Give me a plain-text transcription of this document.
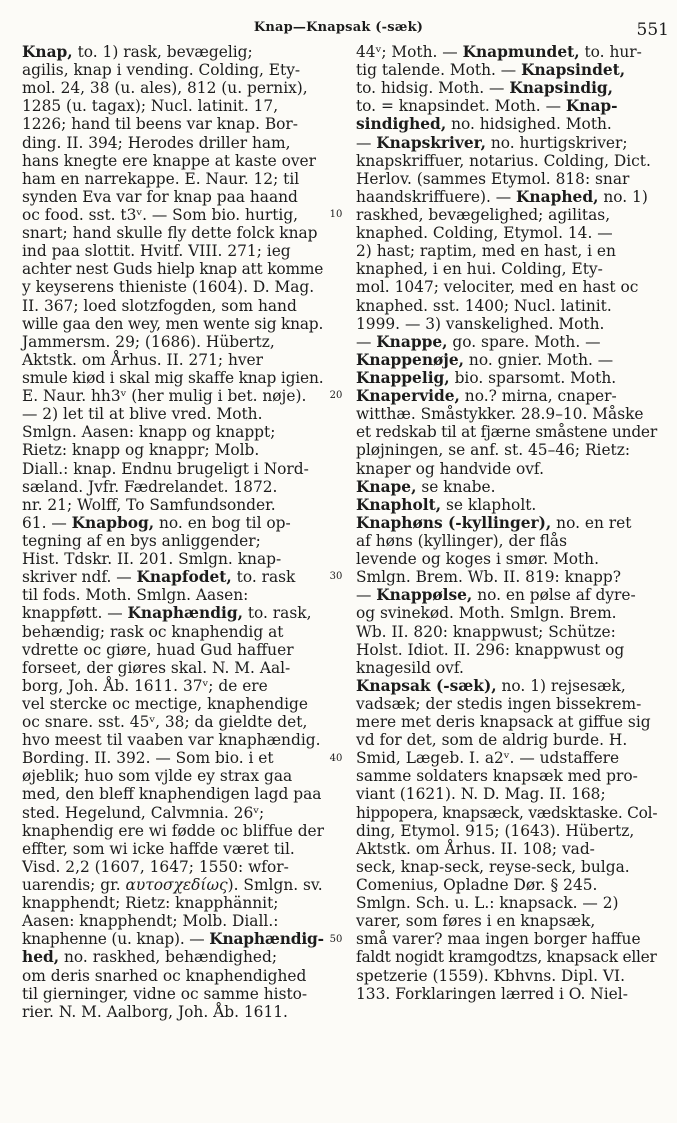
Knap—Knapsak (-sæk)	551
Knap, to. 1) rask, bevægelig;
agilis, knap i vending. Colding, Ety-
mol. 24, 38 (u. ales), 812 (u. pernix),
1285 (u. tagax); Nucl. latinit. 17,
1226; hand til beens var knap. Bor-
ding. II. 394; Herodes driller ham,
hans knegte ere knappe at kaste over
ham en narrekappe. E. Naur. 12; til
synden Eva var for knap paa haand
oc food. sst. t3ᵛ. — Som bio. hurtig,
snart; hand skulle fly dette folck knap
ind paa slottit. Hvitf. VIII. 271; ieg
achter nest Guds hielp knap att komme
y keyserens thieniste (1604). D. Mag.
II. 367; loed slotzfogden, som hand
wille gaa den wey, men wente sig knap.
Jammersm. 29; (1686). Hübertz,
Aktstk. om Århus. II. 271; hver
smule kiød i skal mig skaffe knap igien.
E. Naur. hh3ᵛ (her mulig i bet. nøje).
— 2) let til at blive vred. Moth.
Smlgn. Aasen: knapp og knappt;
Rietz: knapp og knappr; Molb.
Diall.: knap. Endnu brugeligt i Nord-
sæland. Jvfr. Fædrelandet. 1872.
nr. 21; Wolff, To Samfundsonder.
61. — Knapbog, no. en bog til op-
tegning af en bys anliggender;
Hist. Tdskr. II. 201. Smlgn. knap-
skriver ndf. — Knapfodet, to. rask
til fods. Moth. Smlgn. Aasen:
knappføtt. — Knaphændig, to. rask,
behændig; rask oc knaphendig at
vdrette oc giøre, huad Gud haffuer
forseet, der giøres skal. N. M. Aal-
borg, Joh. Åb. 1611. 37ᵛ; de ere
vel stercke oc mectige, knaphendige
oc snare. sst. 45ᵛ, 38; da gieldte det,
hvo meest til vaaben var knaphændig.
Bording. II. 392. — Som bio. i et
øjeblik; huo som vjlde ey strax gaa
med, den bleff knaphendigen lagd paa
sted. Hegelund, Calvmnia. 26ᵛ;
knaphendig ere wi fødde oc bliffue der
effter, som wi icke haffde været til.
Visd. 2,2 (1607, 1647; 1550: wfor-
uarendis; gr. αυτοσχεδίως). Smlgn. sv.
knapphendt; Rietz: knapphännit;
Aasen: knapphendt; Molb. Diall.:
knaphenne (u. knap). — Knaphændig-
hed, no. raskhed, behændighed;
om deris snarhed oc knaphendighed
til gierninger, vidne oc samme histo-
rier. N. M. Aalborg, Joh. Åb. 1611.
10
20
30
40
50
44ᵛ; Moth. — Knapmundet, to. hur-
tig talende. Moth. — Knapsindet,
to. hidsig. Moth. — Knapsindig,
to. = knapsindet. Moth. — Knap-
sindighed, no. hidsighed. Moth.
— Knapskriver, no. hurtigskriver;
knapskriffuer, notarius. Colding, Dict.
Herlov. (sammes Etymol. 818: snar
haandskriffuere). — Knaphed, no. 1)
raskhed, bevægelighed; agilitas,
knaphed. Colding, Etymol. 14. —
2) hast; raptim, med en hast, i en
knaphed, i en hui. Colding, Ety-
mol. 1047; velociter, med en hast oc
knaphed. sst. 1400; Nucl. latinit.
1999. — 3) vanskelighed. Moth.
— Knappe, go. spare. Moth. —
Knappenøje, no. gnier. Moth. —
Knappelig, bio. sparsomt. Moth.
Knapervide, no.? mirna, cnaper-
witthæ. Småstykker. 28.9–10. Måske
et redskab til at fjærne småstene under
pløjningen, se anf. st. 45–46; Rietz:
knaper og handvide ovf.
Knape, se knabe.
Knapholt, se klapholt.
Knaphøns (-kyllinger), no. en ret
af høns (kyllinger), der flås
levende og koges i smør. Moth.
Smlgn. Brem. Wb. II. 819: knapp?
— Knappølse, no. en pølse af dyre-
og svinekød. Moth. Smlgn. Brem.
Wb. II. 820: knappwust; Schütze:
Holst. Idiot. II. 296: knappwust og
knagesild ovf.
Knapsak (-sæk), no. 1) rejsesæk,
vadsæk; der stedis ingen bissekrem-
mere met deris knapsack at giffue sig
vd for det, som de aldrig burde. H.
Smid, Lægeb. I. a2ᵛ. — udstaffere
samme soldaters knapsæk med pro-
viant (1621). N. D. Mag. II. 168;
hippopera, knapsæck, vædsktaske. Col-
ding, Etymol. 915; (1643). Hübertz,
Aktstk. om Århus. II. 108; vad-
seck, knap-seck, reyse-seck, bulga.
Comenius, Opladne Dør. § 245.
Smlgn. Sch. u. L.: knapsack. — 2)
varer, som føres i en knapsæk,
små varer? maa ingen borger haffue
faldt nogidt kramgodtzs, knapsack eller
spetzerie (1559). Kbhvns. Dipl. VI.
133. Forklaringen lærred i O. Niel-
